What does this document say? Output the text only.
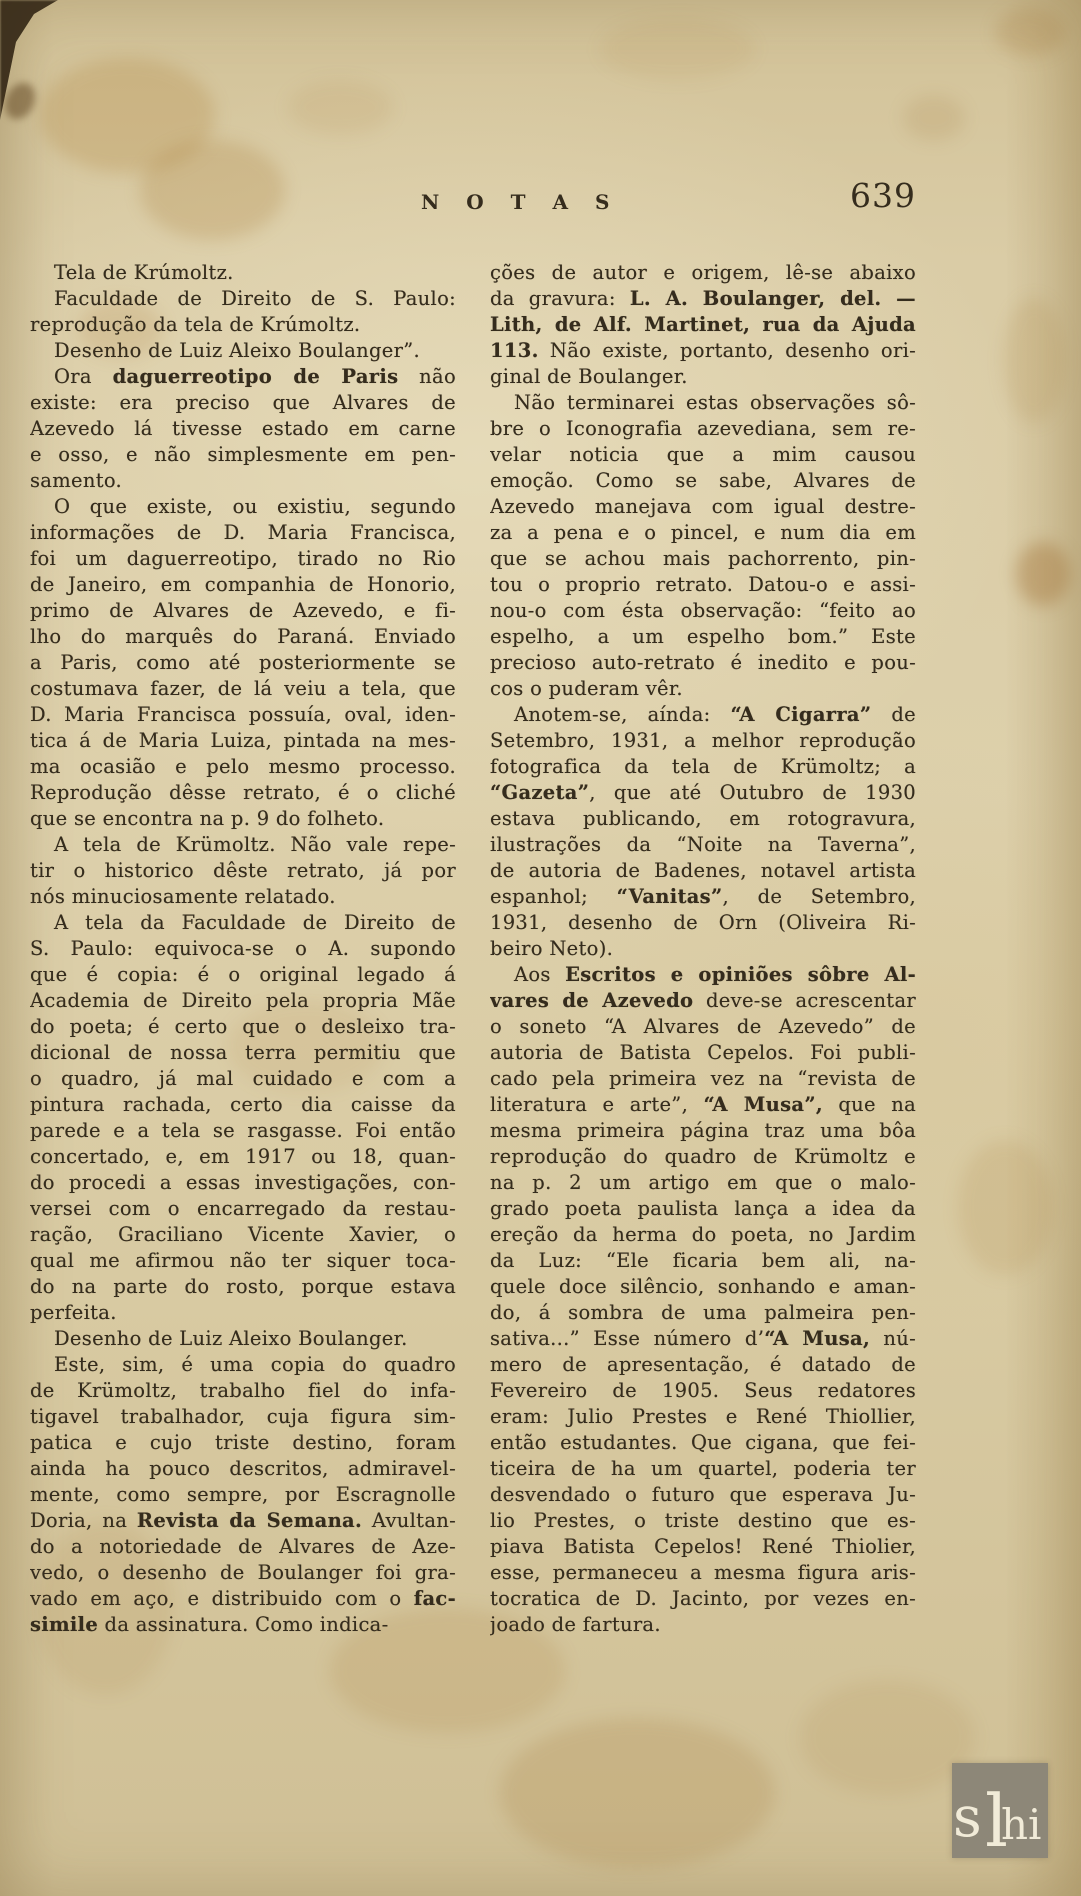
N O T A S	639
Tela de Krúmoltz.
Faculdade de Direito de S. Paulo:
reprodução da tela de Krúmoltz.
Desenho de Luiz Aleixo Boulanger”.
Ora daguerreotipo de Paris não
existe: era preciso que Alvares de
Azevedo lá tivesse estado em carne
e osso, e não simplesmente em pen-
samento.
O que existe, ou existiu, segundo
informações de D. Maria Francisca,
foi um daguerreotipo, tirado no Rio
de Janeiro, em companhia de Honorio,
primo de Alvares de Azevedo, e fi-
lho do marquês do Paraná. Enviado
a Paris, como até posteriormente se
costumava fazer, de lá veiu a tela, que
D. Maria Francisca possuía, oval, iden-
tica á de Maria Luiza, pintada na mes-
ma ocasião e pelo mesmo processo.
Reprodução dêsse retrato, é o cliché
que se encontra na p. 9 do folheto.
A tela de Krümoltz. Não vale repe-
tir o historico dêste retrato, já por
nós minuciosamente relatado.
A tela da Faculdade de Direito de
S. Paulo: equivoca-se o A. supondo
que é copia: é o original legado á
Academia de Direito pela propria Mãe
do poeta; é certo que o desleixo tra-
dicional de nossa terra permitiu que
o quadro, já mal cuidado e com a
pintura rachada, certo dia caisse da
parede e a tela se rasgasse. Foi então
concertado, e, em 1917 ou 18, quan-
do procedi a essas investigações, con-
versei com o encarregado da restau-
ração, Graciliano Vicente Xavier, o
qual me afirmou não ter siquer toca-
do na parte do rosto, porque estava
perfeita.
Desenho de Luiz Aleixo Boulanger.
Este, sim, é uma copia do quadro
de Krümoltz, trabalho fiel do infa-
tigavel trabalhador, cuja figura sim-
patica e cujo triste destino, foram
ainda ha pouco descritos, admiravel-
mente, como sempre, por Escragnolle
Doria, na Revista da Semana. Avultan-
do a notoriedade de Alvares de Aze-
vedo, o desenho de Boulanger foi gra-
vado em aço, e distribuido com o fac-
simile da assinatura. Como indica-
ções de autor e origem, lê-se abaixo
da gravura: L. A. Boulanger, del. —
Lith, de Alf. Martinet, rua da Ajuda
113. Não existe, portanto, desenho ori-
ginal de Boulanger.
Não terminarei estas observações sô-
bre o Iconografia azevediana, sem re-
velar noticia que a mim causou
emoção. Como se sabe, Alvares de
Azevedo manejava com igual destre-
za a pena e o pincel, e num dia em
que se achou mais pachorrento, pin-
tou o proprio retrato. Datou-o e assi-
nou-o com ésta observação: “feito ao
espelho, a um espelho bom.” Este
precioso auto-retrato é inedito e pou-
cos o puderam vêr.
Anotem-se, aínda: “A Cigarra” de
Setembro, 1931, a melhor reprodução
fotografica da tela de Krümoltz; a
“Gazeta”, que até Outubro de 1930
estava publicando, em rotogravura,
ilustrações da “Noite na Taverna”,
de autoria de Badenes, notavel artista
espanhol; “Vanitas”, de Setembro,
1931, desenho de Orn (Oliveira Ri-
beiro Neto).
Aos Escritos e opiniões sôbre Al-
vares de Azevedo deve-se acrescentar
o soneto “A Alvares de Azevedo” de
autoria de Batista Cepelos. Foi publi-
cado pela primeira vez na “revista de
literatura e arte”, “A Musa”, que na
mesma primeira página traz uma bôa
reprodução do quadro de Krümoltz e
na p. 2 um artigo em que o malo-
grado poeta paulista lança a idea da
ereção da herma do poeta, no Jardim
da Luz: “Ele ficaria bem ali, na-
quele doce silêncio, sonhando e aman-
do, á sombra de uma palmeira pen-
sativa...” Esse número d’“A Musa, nú-
mero de apresentação, é datado de
Fevereiro de 1905. Seus redatores
eram: Julio Prestes e René Thiollier,
então estudantes. Que cigana, que fei-
ticeira de ha um quartel, poderia ter
desvendado o futuro que esperava Ju-
lio Prestes, o triste destino que es-
piava Batista Cepelos! René Thiolier,
esse, permaneceu a mesma figura aris-
tocratica de D. Jacinto, por vezes en-
joado de fartura.
s l
h i
